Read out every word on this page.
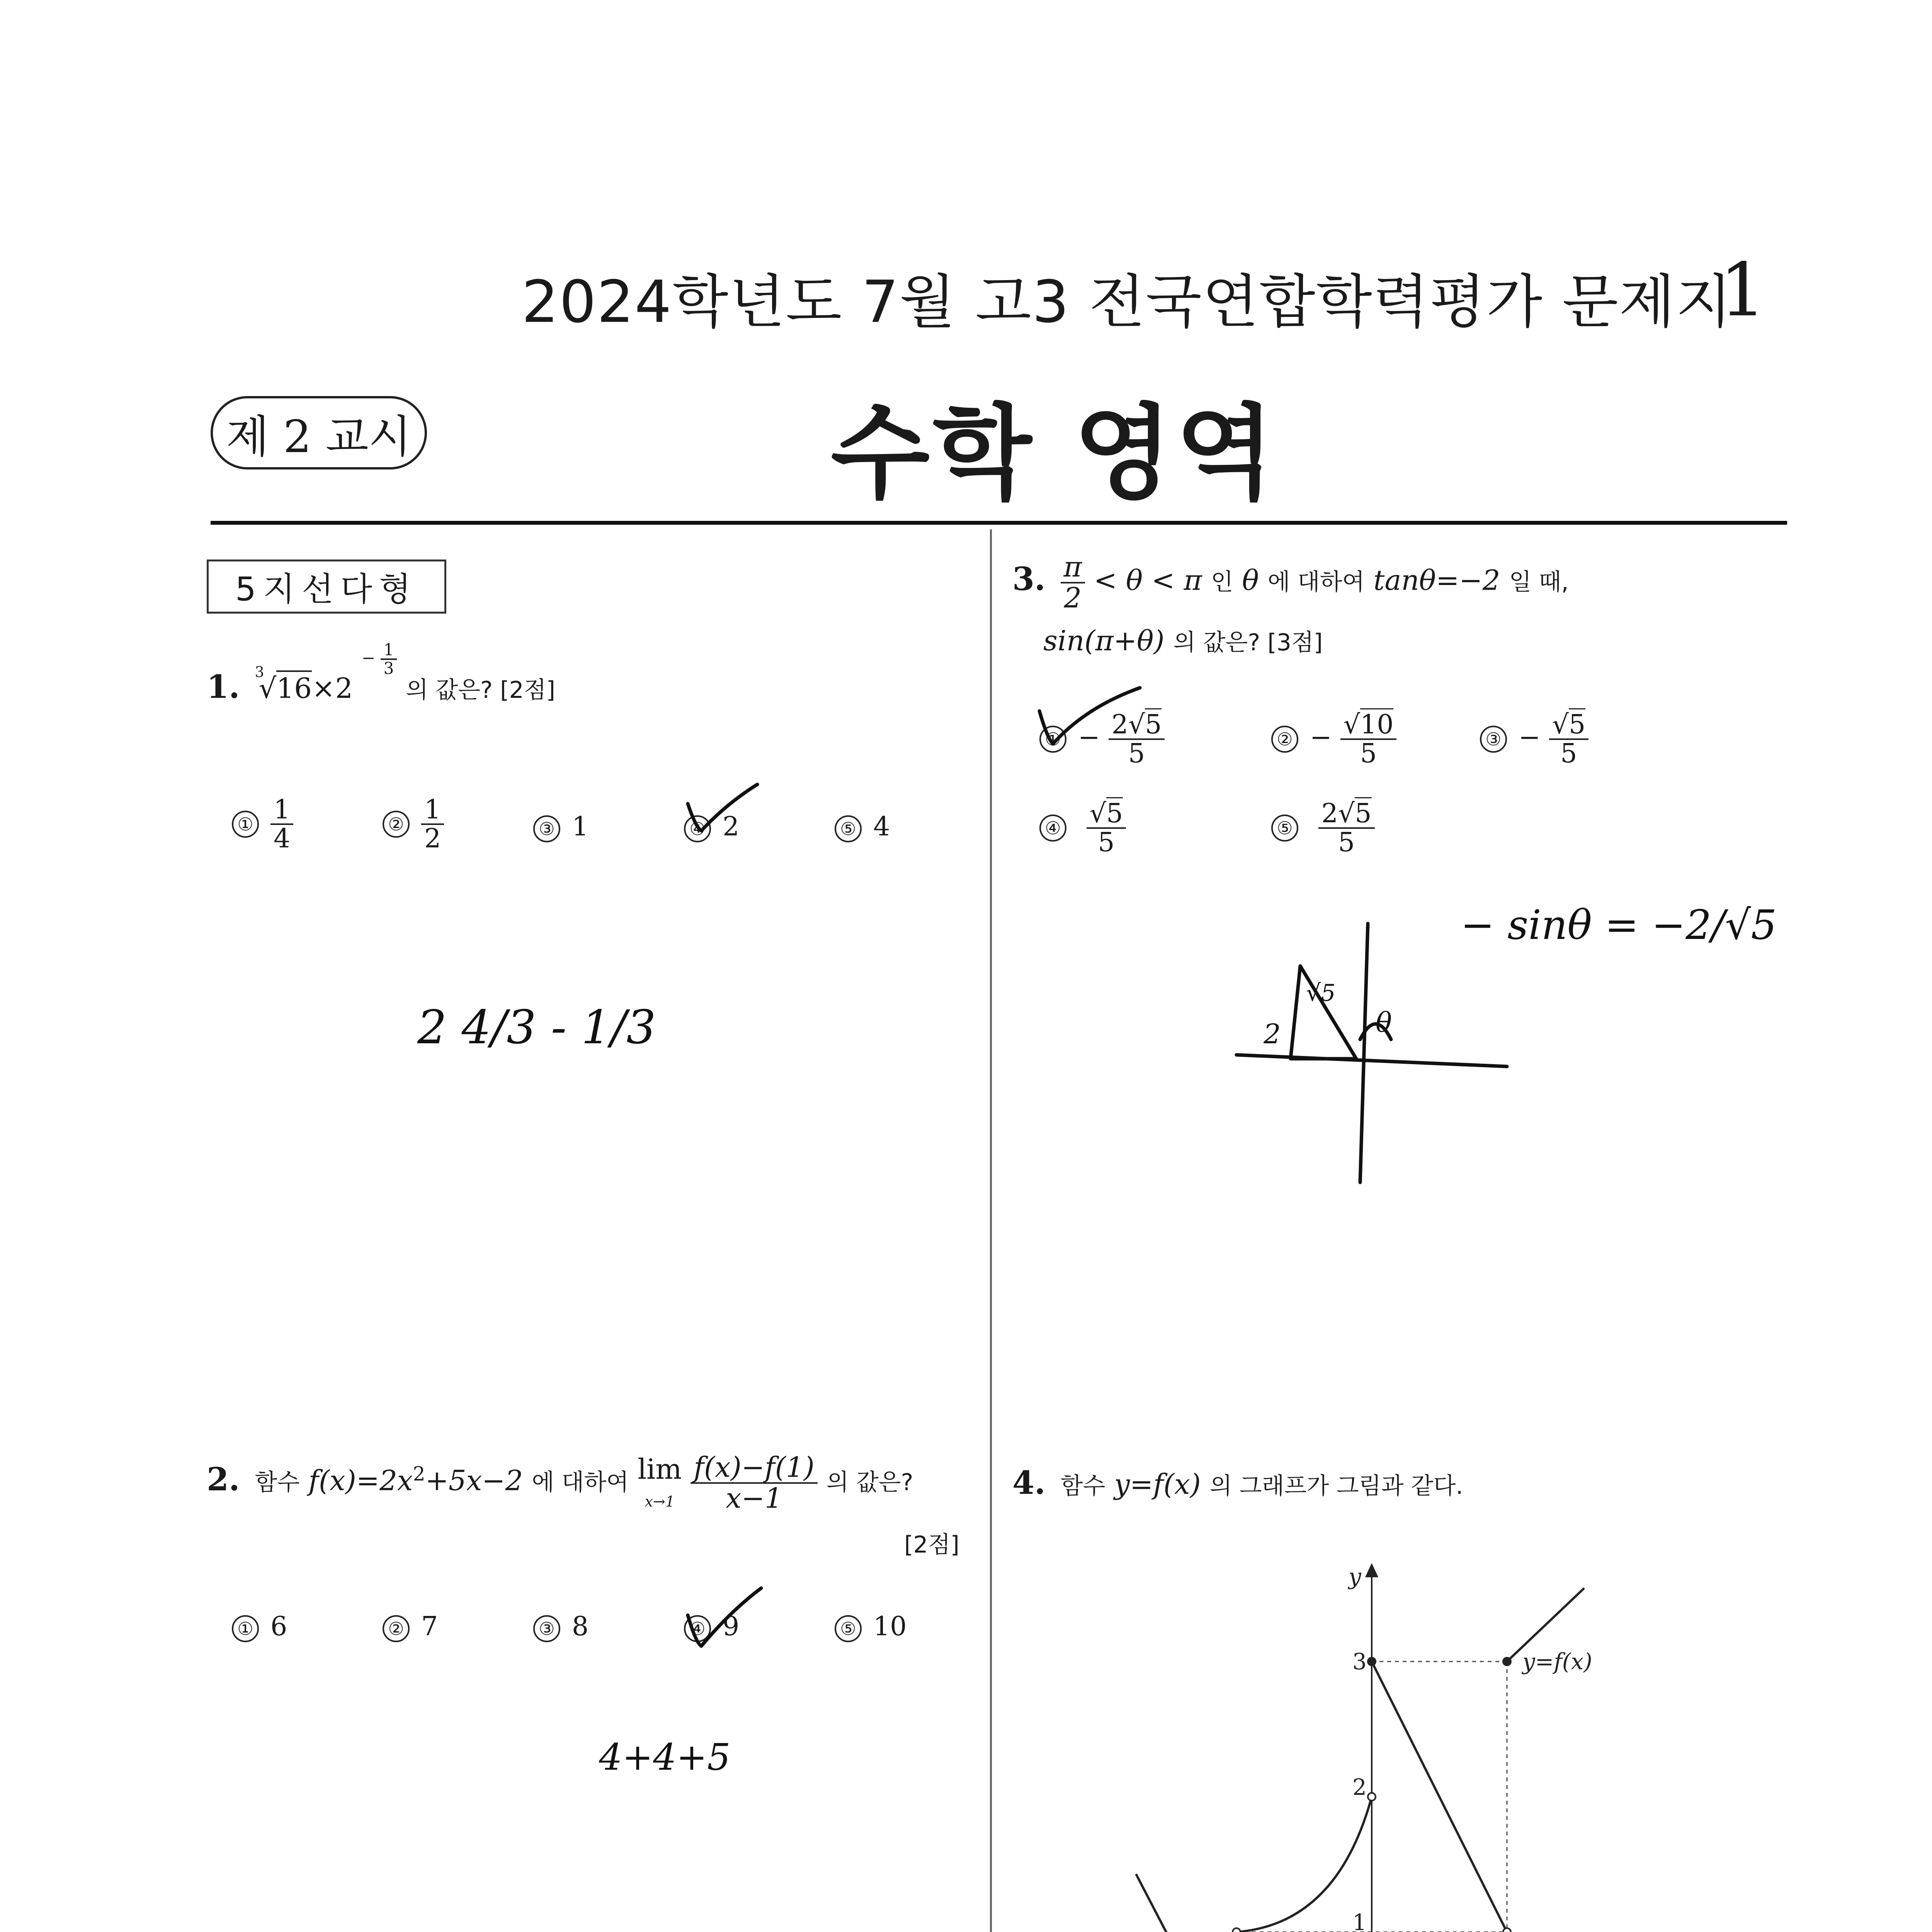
2024학년도 7월 고3 전국연합학력평가 문제지
1
제 2 교시	수학 영역
5지선다형
1. 3
$√16\times 2 - \frac{1}{3}$
의 값은? [2점]
① $\frac{1}{4}$	② $\frac{1}{2}$	③ 1	④ 2	⑤ 4
2. 함수 $f(x)=2x^2+5x-2$ 에 대하여 lim
$x\to 1 \frac{f(x)-f(1)}{x-1}$ 의 값은?
[2점]
① 6	② 7	③ 8	④ 9	⑤ 10
3. $\frac{\pi}{2} < \theta < \pi$ 인 θ 에 대하여 tanθ=−2 일 때,
sin(π+θ) 의 값은? [3점]
① − $\frac{2√5}{5}$	② − $\frac{√10}{5}$	③ − $\frac{√5}{5}$
④ $\frac{√5}{5}$	⑤ $\frac{2√5}{5}$
4. 함수 y=f(x) 의 그래프가 그림과 같다.
y
1
2
3	y=f(x)

2 4/3 - 1/3
4+4+5
− sinθ = −2/√5
2
√5
θ
